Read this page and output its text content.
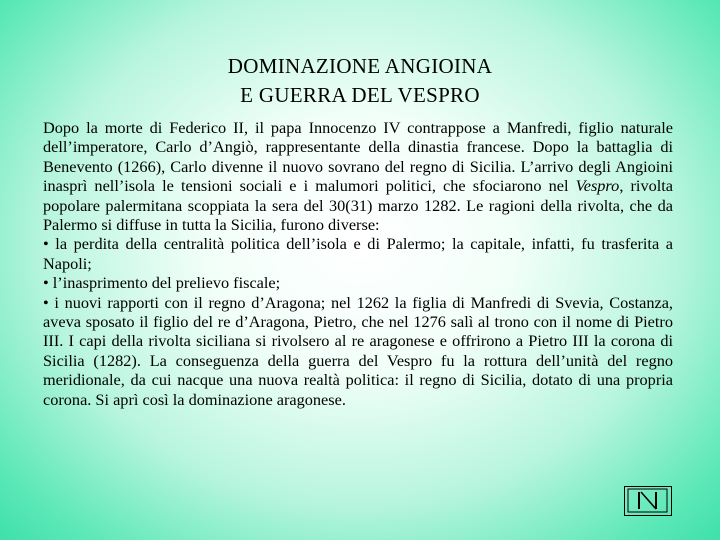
DOMINAZIONE ANGIOINA
E GUERRA DEL VESPRO

Dopo la morte di Federico II, il papa Innocenzo IV contrappose a Manfredi, figlio naturale dell’imperatore, Carlo d’Angiò, rappresentante della dinastia francese. Dopo la battaglia di Benevento (1266), Carlo divenne il nuovo sovrano del regno di Sicilia. L’arrivo degli Angioini inasprì nell’isola le tensioni sociali e i malumori politici, che sfociarono nel Vespro, rivolta popolare palermitana scoppiata la sera del 30(31) marzo 1282. Le ragioni della rivolta, che da Palermo si diffuse in tutta la Sicilia, furono diverse:

• la perdita della centralità politica dell’isola e di Palermo; la capitale, infatti, fu trasferita a Napoli;

• l’inasprimento del prelievo fiscale;

• i nuovi rapporti con il regno d’Aragona; nel 1262 la figlia di Manfredi di Svevia, Costanza, aveva sposato il figlio del re d’Aragona, Pietro, che nel 1276 salì al trono con il nome di Pietro III. I capi della rivolta siciliana si rivolsero al re aragonese e offrirono a Pietro III la corona di Sicilia (1282). La conseguenza della guerra del Vespro fu la rottura dell’unità del regno meridionale, da cui nacque una nuova realtà politica: il regno di Sicilia, dotato di una propria corona. Si aprì così la dominazione aragonese.
